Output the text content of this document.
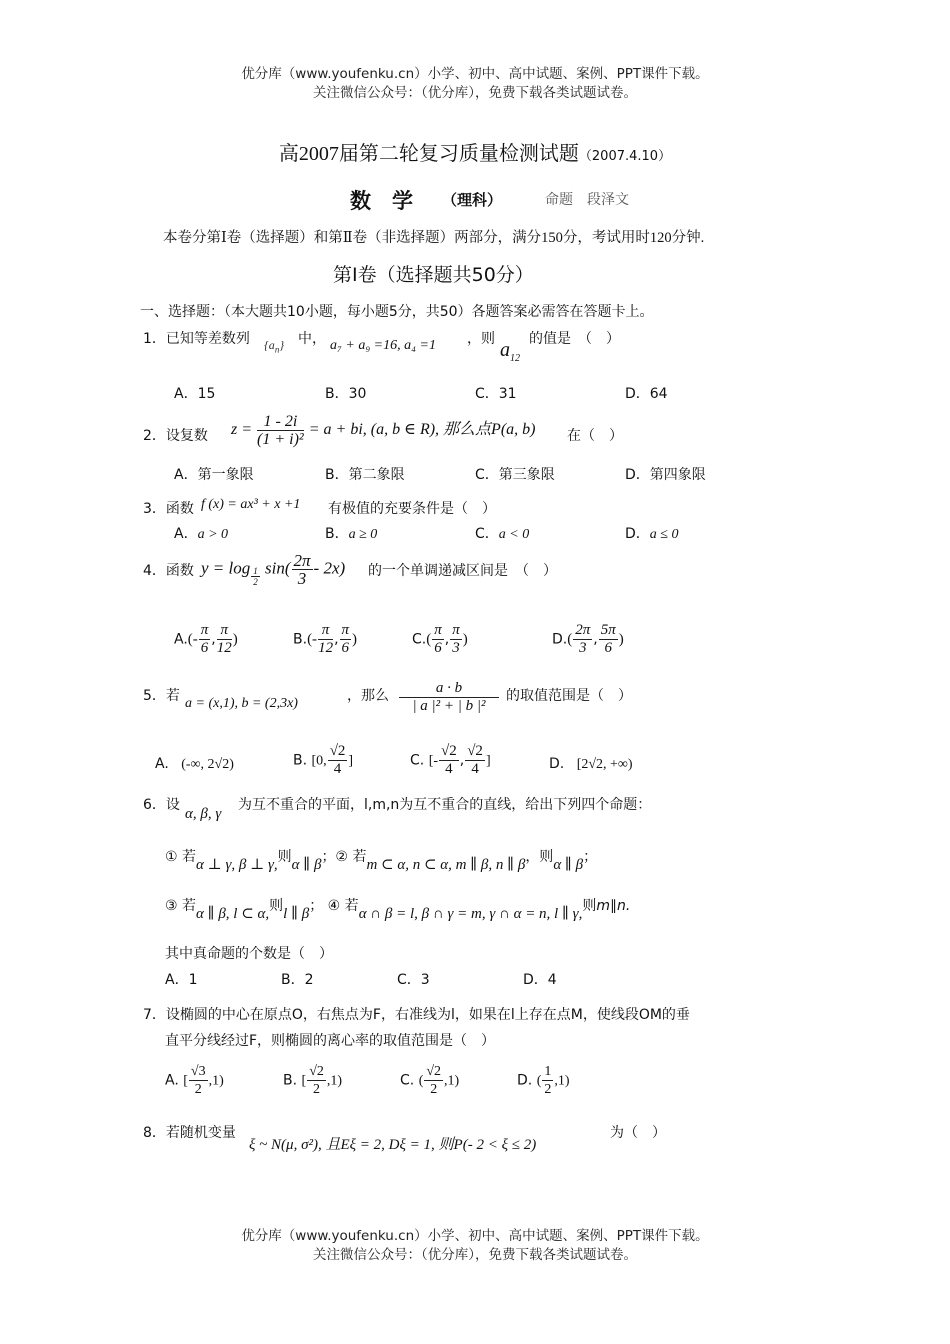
优分库（www.youfenku.cn）小学、初中、高中试题、案例、PPT课件下载。
关注微信公众号：（优分库），免费下载各类试题试卷。
高2007届第二轮复习质量检测试题（2007.4.10）
数　学 （理科）	命题　段泽文
本卷分第Ⅰ卷（选择题）和第Ⅱ卷（非选择题）两部分，满分150分，考试用时120分钟.
第Ⅰ卷（选择题共50分）
一、选择题：（本大题共10小题，每小题5分，共50）各题答案必需答在答题卡上。
1．已知等差数列 $\{a_n\}$ 中， a₇ + a₉ =16, a₄ =1 ，则 $a_{12}$
的值是　（　）
A．15	B．30	C．31	D．64
2．设复数 $z = \frac{1 - 2i}{\text{(1 + i)²}} = a$ + bi, (a, b ∈ R), 那么点P(a, b) 在（　）
A．第一象限	B．第二象限	C．第三象限	D．第四象限
3．函数 f (x) = ax³ + x +1 有极值的充要条件是（　）
A．a > 0	B．a ≥ 0	C．a < 0	D．a ≤ 0
4．函数 $y = \log \frac{1}{2} \sin( \frac{2\pi}{3} - 2x)$ 的一个单调递减区间是　（　）
$A.(- \frac{\pi}{6}$ , $\frac{\pi}{12}$ )	$B.(- \frac{\pi}{12}$ , $\frac{\pi}{6}$ )	$C.( \frac{\pi}{6}$ , $\frac{\pi}{3}$ )	$D.( \frac{2\pi}{3}$ , $\frac{5\pi}{6}$ )
5．若 a = (x,1), b = (2,3x)	，那么 $\frac{a \cdot b}{\text{| a |² + | b |²}}$ 的取值范围是（　）
A. (-∞, 2√2)	B. [0, $\frac{√2}{4}$ ]	C. [- $\frac{√2}{4}$ , $\frac{√2}{4}$ ]	D. [2√2, +∞)
6．设
α, β, γ
为互不重合的平面，l,m,n为互不重合的直线，给出下列四个命题：
① 若α ⊥ γ, β ⊥ γ,则α ∥ β；② 若m ⊂ α, n ⊂ α, m ∥ β, n ∥ β，则α ∥ β；
③ 若α ∥ β, l ⊂ α,则l ∥ β； ④ 若α ∩ β = l, β ∩ γ = m, γ ∩ α = n, l ∥ γ,则m∥n.
其中真命题的个数是（　）
A．1	B．2	C．3	D．4
7．设椭圆的中心在原点O，右焦点为F，右准线为l，如果在l上存在点M，使线段OM的垂
直平分线经过F，则椭圆的离心率的取值范围是（　）
A. [ $\frac{√3}{2} ,1$)	B. [ $\frac{√2}{2} ,1$)	C. ( $\frac{√2}{2} ,1$)	D. ( $\frac{1}{2} ,1$)
8．若随机变量
ξ ~ N(μ, σ²), 且Eξ = 2, Dξ = 1, 则P(- 2 < ξ ≤ 2)
为（　）
优分库（www.youfenku.cn）小学、初中、高中试题、案例、PPT课件下载。
关注微信公众号：（优分库），免费下载各类试题试卷。
